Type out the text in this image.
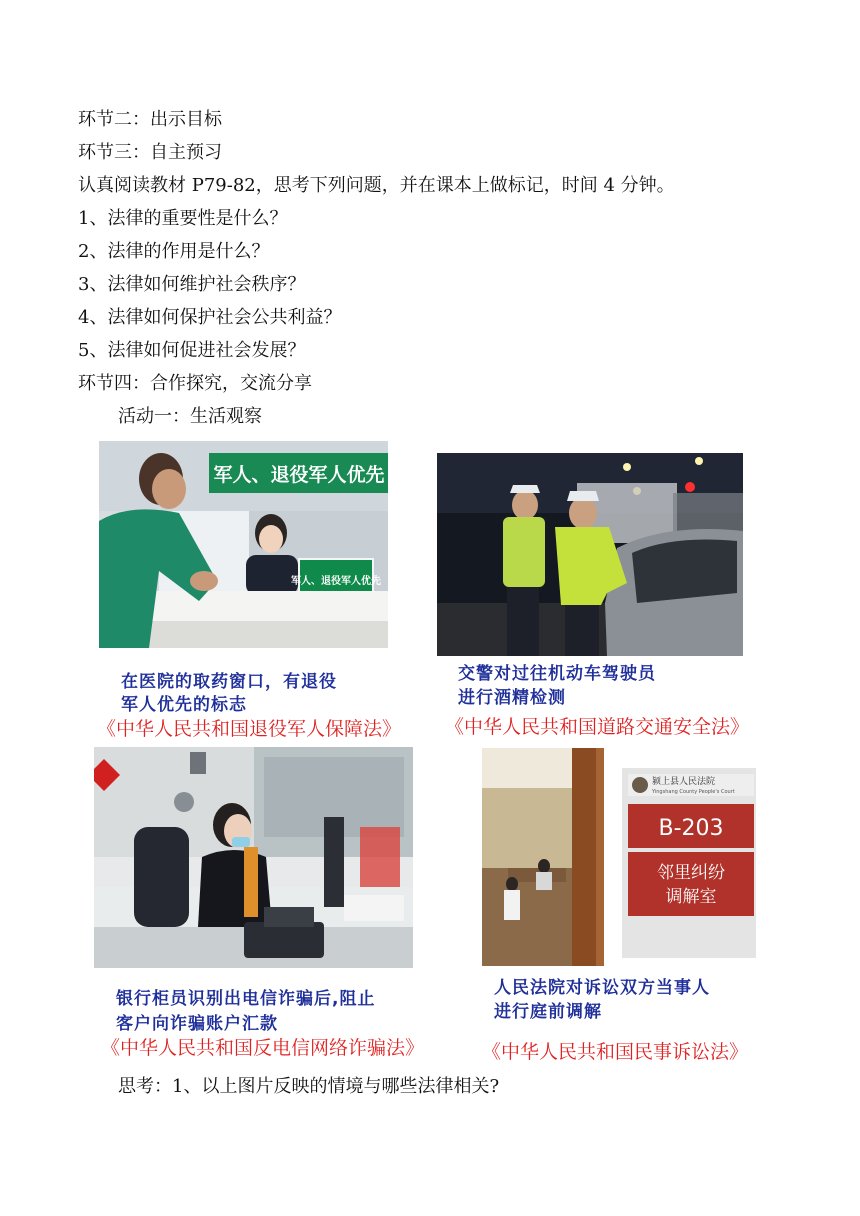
环节二：出示目标
环节三：自主预习
认真阅读教材 P79-82，思考下列问题，并在课本上做标记，时间 4 分钟。
1、法律的重要性是什么？
2、法律的作用是什么？
3、法律如何维护社会秩序？
4、法律如何保护社会公共利益？
5、法律如何促进社会发展？
环节四：合作探究，交流分享
活动一：生活观察
军人、退役军人优先
军人、退役军人优先
在医院的取药窗口，有退役
军人优先的标志
《中华人民共和国退役军人保障法》
交警对过往机动车驾驶员
进行酒精检测
《中华人民共和国道路交通安全法》
颍上县人民法院
Yingshang County People's Court
B-203
邻里纠纷
调解室
银行柜员识别出电信诈骗后,阻止
客户向诈骗账户汇款
《中华人民共和国反电信网络诈骗法》
人民法院对诉讼双方当事人
进行庭前调解
《中华人民共和国民事诉讼法》
思考：1、以上图片反映的情境与哪些法律相关?
